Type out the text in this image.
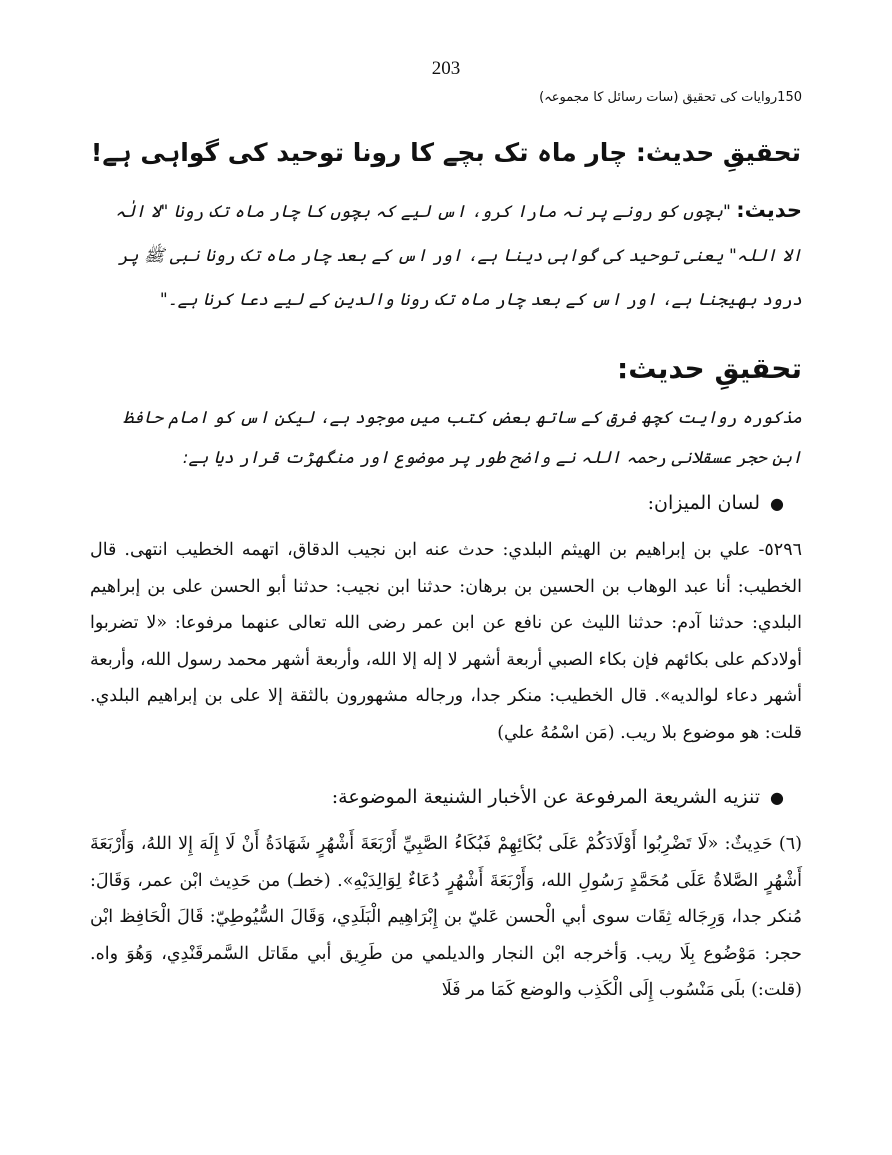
203
150روایات کی تحقیق (سات رسائل کا مجموعہ)
تحقیقِ حدیث: چار ماہ تک بچے کا رونا توحید کی گواہی ہے!
حدیث: "بچوں کو رونے پر نہ مارا کرو، اس لیے کہ بچوں کا چار ماہ تک رونا "لا الٰہ الا اللہ" یعنی توحید کی گواہی دینا ہے، اور اس کے بعد چار ماہ تک رونا نبی ﷺ پر درود بھیجنا ہے، اور اس کے بعد چار ماہ تک رونا والدین کے لیے دعا کرنا ہے۔"
تحقیقِ حدیث:
مذکورہ روایت کچھ فرق کے ساتھ بعض کتب میں موجود ہے، لیکن اس کو امام حافظ ابن حجر عسقلانی رحمہ اللہ نے واضح طور پر موضوع اور منگھڑت قرار دیا ہے:
●لسان الميزان:

٥٢٩٦- علي بن إبراهيم بن الهيثم البلدي: حدث عنه ابن نجيب الدقاق، اتهمه الخطيب انتهى. قال الخطيب: أنا عبد الوهاب بن الحسين بن برهان: حدثنا ابن نجيب: حدثنا أبو الحسن على بن إبراهيم البلدي: حدثنا آدم: حدثنا الليث عن نافع عن ابن عمر رضى الله تعالى عنهما مرفوعا: «لا تضربوا أولادكم على بكائهم فإن بكاء الصبي أربعة أشهر لا إله إلا الله، وأربعة أشهر محمد رسول الله، وأربعة أشهر دعاء لوالديه». قال الخطيب: منكر جدا، ورجاله مشهورون بالثقة إلا على بن إبراهيم البلدي. قلت: هو موضوع بلا ريب. (مَن اسْمُهُ علي)

●تنزيه الشريعة المرفوعة عن الأخبار الشنيعة الموضوعة:

(٦) حَدِيثٌ: «لَا تَضْرِبُوا أَوْلَادَكُمْ عَلَى بُكَائِهِمْ فَبُكَاءُ الصَّبِيِّ أَرْبَعَةَ أَشْهُرٍ شَهَادَةُ أَنْ لَا إِلَهَ إِلا اللهُ، وَأَرْبَعَةَ أَشْهُرٍ الصَّلاةُ عَلَى مُحَمَّدٍ رَسُولِ الله، وَأَرْبَعَةَ أَشْهُرٍ دُعَاءٌ لِوَالِدَيْهِ». (خطـ) من حَدِيث ابْن عمر، وَقَالَ: مُنكر جدا، وَرِجَاله ثِقَات سوى أبي الْحسن عَليّ بن إِبْرَاهِيم الْبَلَدِي، وَقَالَ السُّيُوطِيّ: قَالَ الْحَافِظ ابْن حجر: مَوْضُوع بِلَا ريب. وَأخرجه ابْن النجار والديلمي من طَرِيق أبي مقَاتل السَّمرقَنْدِي، وَهُوَ واه. (قلت:) بلَى مَنْسُوب إِلَى الْكَذِب والوضع كَمَا مر فَلَا
